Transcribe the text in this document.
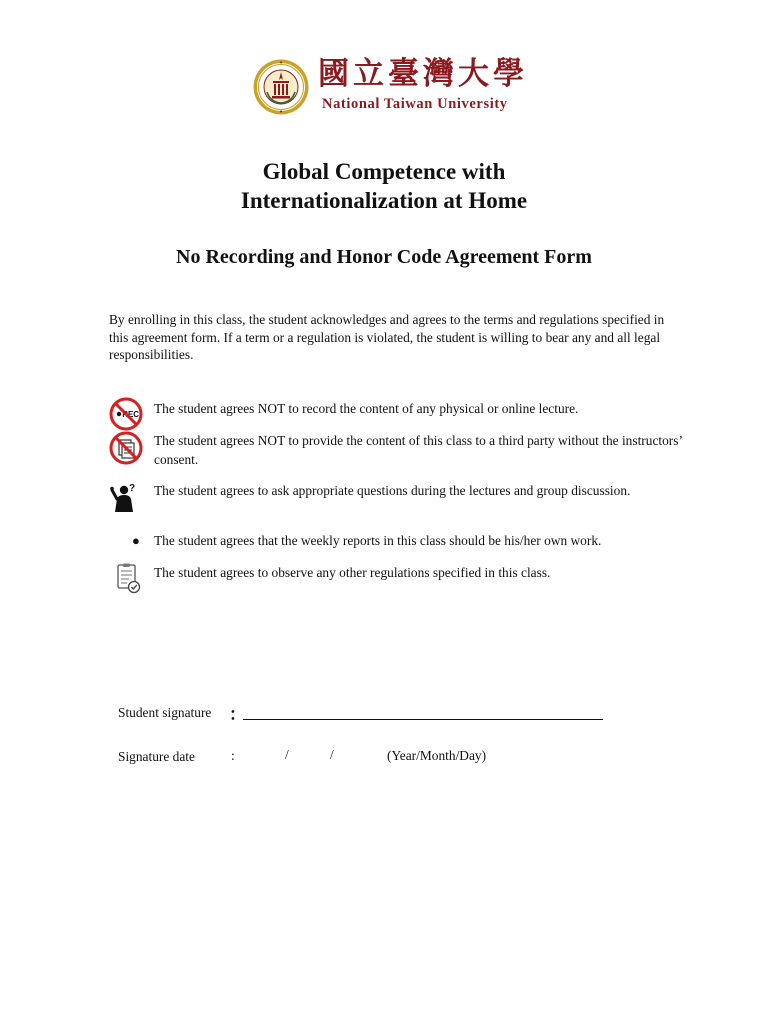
國立臺灣大學
National Taiwan University
Global Competence with
Internationalization at Home
No Recording and Honor Code Agreement Form
By enrolling in this class, the student acknowledges and agrees to the terms and regulations specified in this agreement form. If a term or a regulation is violated, the student is willing to bear any and all legal responsibilities.
REC The student agrees NOT to record the content of any physical or online lecture.
The student agrees NOT to provide the content of this class to a third party without the instructors’ consent.
? The student agrees to ask appropriate questions during the lectures and group discussion.
● The student agrees that the weekly reports in this class should be his/her own work.
The student agrees to observe any other regulations specified in this class.
Student signature ：
Signature date	:	/	/	(Year/Month/Day)
